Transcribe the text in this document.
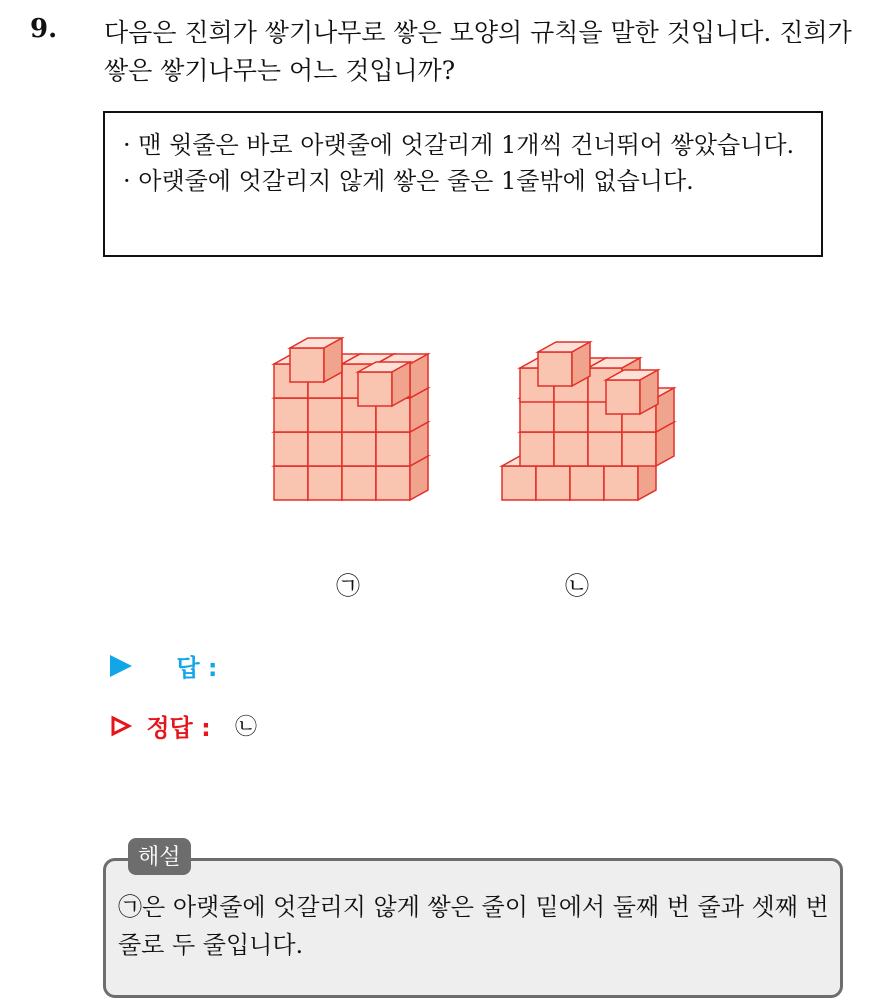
9. 다음은 진희가 쌓기나무로 쌓은 모양의 규칙을 말한 것입니다. 진희가 쌓은 쌓기나무는 어느 것입니까?
· 맨 윗줄은 바로 아랫줄에 엇갈리게 1개씩 건너뛰어 쌓았습니다.
· 아랫줄에 엇갈리지 않게 쌓은 줄은 1줄밖에 없습니다.
㉠	㉡
답 :
정답 : ㉡
해설
㉠은 아랫줄에 엇갈리지 않게 쌓은 줄이 밑에서 둘째 번 줄과 셋째 번 줄로 두 줄입니다.
